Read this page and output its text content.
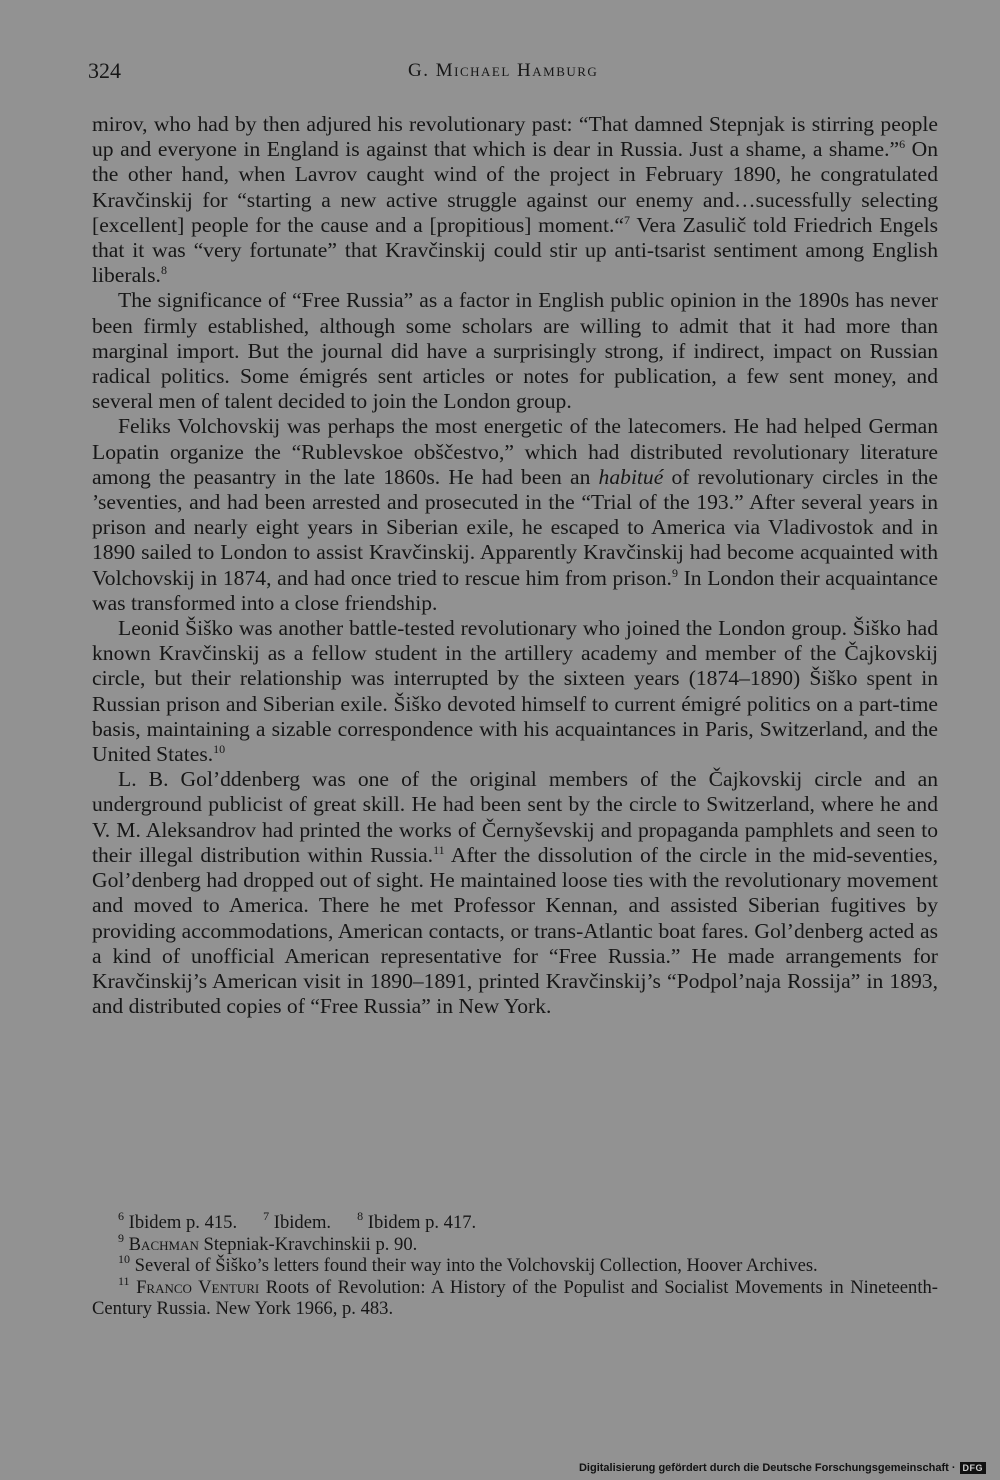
324	G. Michael Hamburg

mirov, who had by then adjured his revolutionary past: “That damned Stepnjak is stirring people up and everyone in England is against that which is dear in Russia. Just a shame, a shame.”$^6$ On the other hand, when Lavrov caught wind of the project in February 1890, he congratulated Kravčinskij for “starting a new active struggle against our enemy and…sucessfully selecting [excellent] people for the cause and a [propitious] moment.“$^7$ Vera Zasulič told Friedrich Engels that it was “very fortunate” that Kravčinskij could stir up anti-tsarist sentiment among English liberals.$^8$

The significance of “Free Russia” as a factor in English public opinion in the 1890s has never been firmly established, although some scholars are willing to admit that it had more than marginal import. But the journal did have a surprisingly strong, if indirect, impact on Russian radical politics. Some émigrés sent articles or notes for publication, a few sent money, and several men of talent decided to join the London group.

Feliks Volchovskij was perhaps the most energetic of the latecomers. He had helped German Lopatin organize the “Rublevskoe obščestvo,” which had distributed revolutionary literature among the peasantry in the late 1860s. He had been an habitué of revolutionary circles in the ’seventies, and had been arrested and prosecuted in the “Trial of the 193.” After several years in prison and nearly eight years in Siberian exile, he escaped to America via Vladivostok and in 1890 sailed to London to assist Kravčinskij. Apparently Kravčinskij had become acquainted with Volchovskij in 1874, and had once tried to rescue him from prison.$^9$ In London their acquaintance was transformed into a close friendship.

Leonid Šiško was another battle-tested revolutionary who joined the London group. Šiško had known Kravčinskij as a fellow student in the artillery academy and member of the Čajkovskij circle, but their relationship was interrupted by the sixteen years (1874–1890) Šiško spent in Russian prison and Siberian exile. Šiško devoted himself to current émigré politics on a part-time basis, maintaining a sizable correspondence with his acquaintances in Paris, Switzerland, and the United States.$^{10}$

L. B. Gol’ddenberg was one of the original members of the Čajkovskij circle and an underground publicist of great skill. He had been sent by the circle to Switzerland, where he and V. M. Aleksandrov had printed the works of Černyševskij and propaganda pamphlets and seen to their illegal distribution within Russia.$^{11}$ After the dissolution of the circle in the mid-seventies, Gol’denberg had dropped out of sight. He maintained loose ties with the revolutionary movement and moved to America. There he met Professor Kennan, and assisted Siberian fugitives by providing accommodations, American contacts, or trans-Atlantic boat fares. Gol’denberg acted as a kind of unofficial American representative for “Free Russia.” He made arrangements for Kravčinskij’s American visit in 1890–1891, printed Kravčinskij’s “Podpol’naja Rossija” in 1893, and distributed copies of “Free Russia” in New York.

$^6$ Ibidem p. 415. $^7$ Ibidem. $^8$ Ibidem p. 417.

$^9$ Bachman Stepniak-Kravchinskii p. 90.

$^{10}$ Several of Šiško’s letters found their way into the Volchovskij Collection, Hoover Archives.

$^{11}$ Franco Venturi Roots of Revolution: A History of the Populist and Socialist Movements in Nineteenth-Century Russia. New York 1966, p. 483.

Digitalisierung gefördert durch die Deutsche Forschungsgemeinschaft · DFG
